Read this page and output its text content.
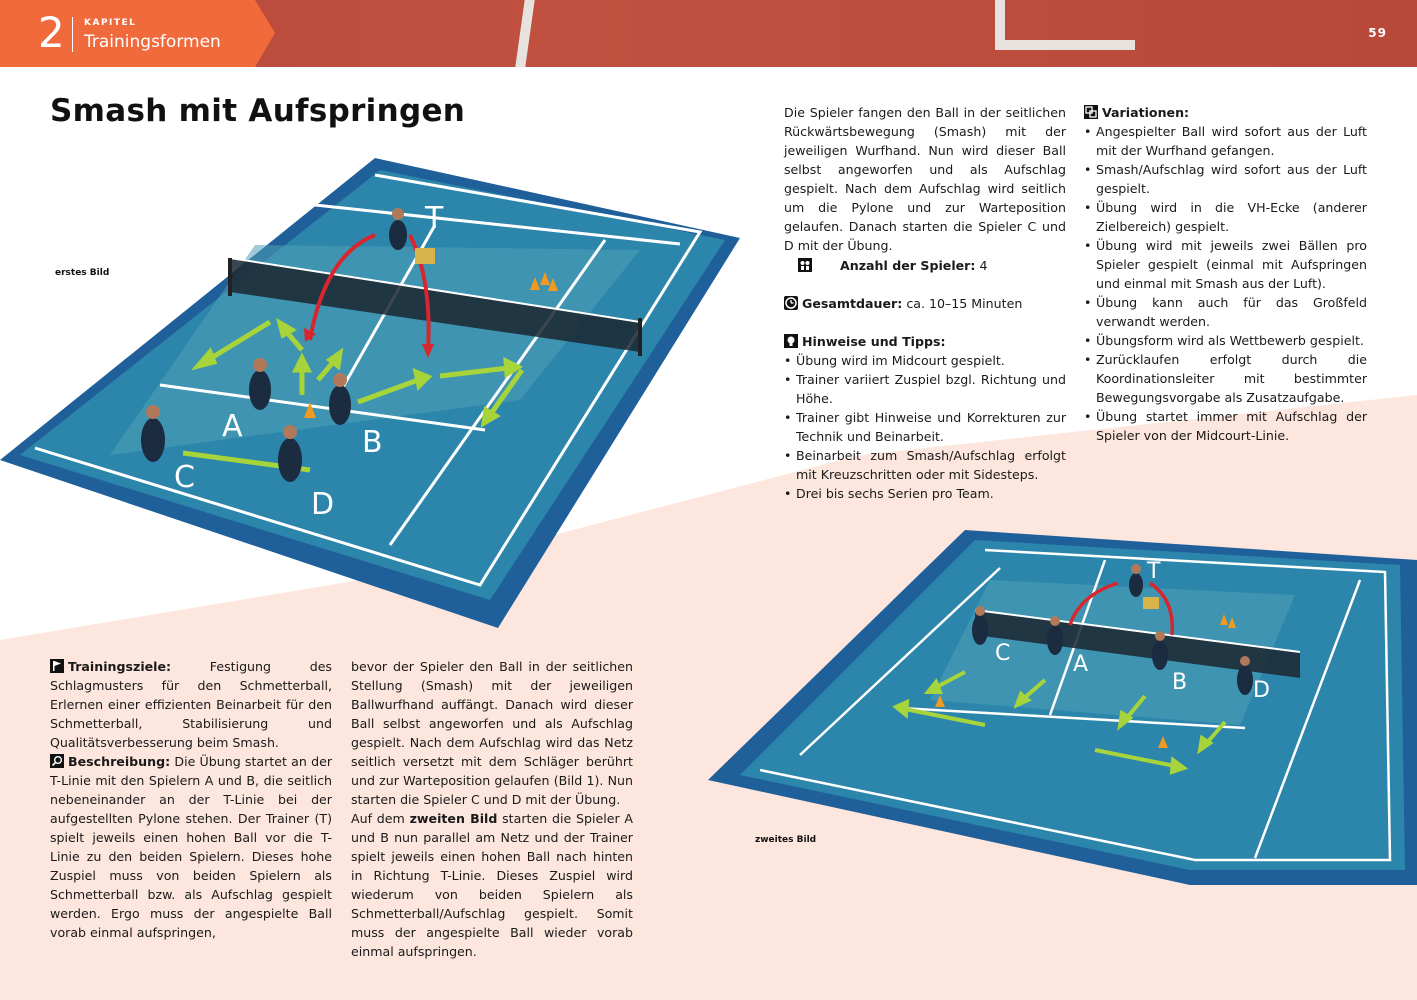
2 KAPITEL
Trainingsformen	59
Smash mit Aufspringen
T
A	B
C
D
erstes Bild
T
A
B
C
D
zweites Bild
Die Spieler fangen den Ball in der seitlichen Rückwärtsbewegung (Smash) mit der jeweiligen Wurfhand. Nun wird dieser Ball selbst angeworfen und als Aufschlag gespielt. Nach dem Aufschlag wird seitlich um die Pylone und zur Warteposition gelaufen. Danach starten die Spieler C und D mit der Übung.
Anzahl der Spieler: 4
Gesamtdauer: ca. 10–15 Minuten
Hinweise und Tipps:
• Übung wird im Midcourt gespielt.
• Trainer variiert Zuspiel bzgl. Richtung und Höhe.
• Trainer gibt Hinweise und Korrekturen zur Technik und Beinarbeit.
• Beinarbeit zum Smash/Aufschlag erfolgt mit Kreuzschritten oder mit Sidesteps.
• Drei bis sechs Serien pro Team.
Variationen:
• Angespielter Ball wird sofort aus der Luft mit der Wurfhand gefangen.
• Smash/Aufschlag wird sofort aus der Luft gespielt.
• Übung wird in die VH-Ecke (anderer Zielbereich) gespielt.
• Übung wird mit jeweils zwei Bällen pro Spieler gespielt (einmal mit Aufspringen und einmal mit Smash aus der Luft).
• Übung kann auch für das Großfeld verwandt werden.
• Übungsform wird als Wettbewerb gespielt.
• Zurücklaufen erfolgt durch die Koordinationsleiter mit bestimmter Bewegungsvorgabe als Zusatzaufgabe.
• Übung startet immer mit Aufschlag der Spieler von der Midcourt-Linie.
Trainingsziele:	Festigung des Schlagmusters für den Schmetterball, Erlernen einer effizienten Beinarbeit für den Schmetterball, Stabilisierung und Qualitätsverbesserung beim Smash.
Beschreibung: Die Übung startet an der T-Linie mit den Spielern A und B, die seitlich nebeneinander an der T-Linie bei der aufgestellten Pylone stehen. Der Trainer (T) spielt jeweils einen hohen Ball vor die T-Linie zu den beiden Spielern. Dieses hohe Zuspiel muss von beiden Spielern als Schmetterball bzw. als Aufschlag gespielt werden. Ergo muss der angespielte Ball vorab einmal aufspringen,
bevor der Spieler den Ball in der seitlichen Stellung (Smash) mit der jeweiligen Ballwurfhand auffängt. Danach wird dieser Ball selbst angeworfen und als Aufschlag gespielt. Nach dem Aufschlag wird das Netz seitlich versetzt mit dem Schläger berührt und zur Warteposition gelaufen (Bild 1). Nun starten die Spieler C und D mit der Übung.
Auf dem zweiten Bild starten die Spieler A und B nun parallel am Netz und der Trainer spielt jeweils einen hohen Ball nach hinten in Richtung T-Linie. Dieses Zuspiel wird wiederum von beiden Spielern als Schmetterball/Aufschlag gespielt. Somit muss der angespielte Ball wieder vorab einmal aufspringen.
